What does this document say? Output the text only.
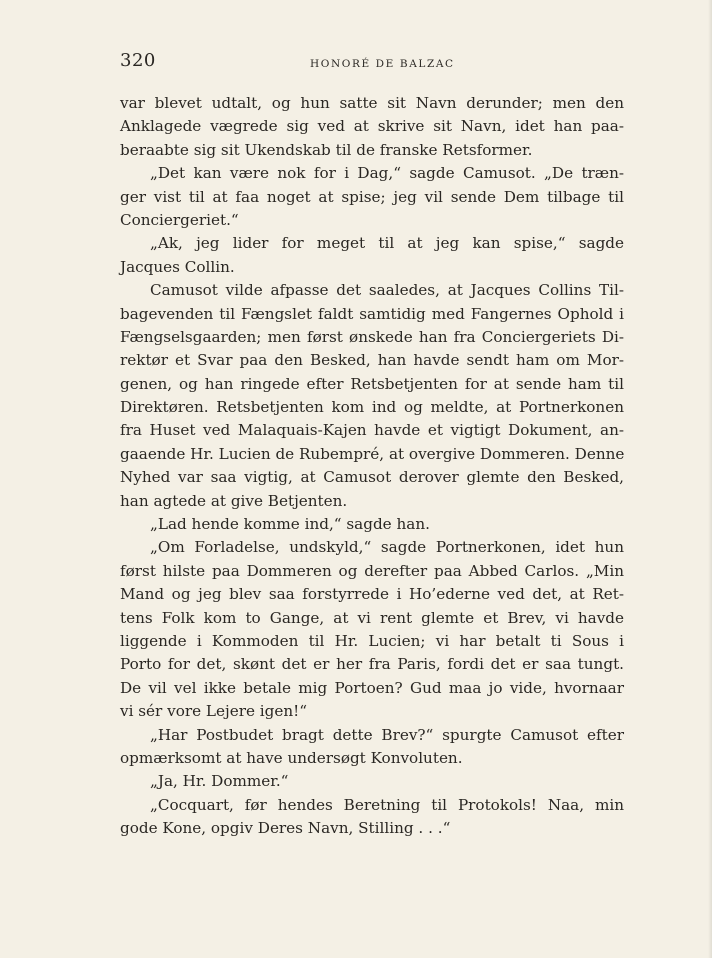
320	HONORÉ DE BALZAC
var blevet udtalt, og hun satte sit Navn derunder; men den
Anklagede vægrede sig ved at skrive sit Navn, idet han paa-
beraabte sig sit Ukendskab til de franske Retsformer.
„Det kan være nok for i Dag,“ sagde Camusot. „De træn-
ger vist til at faa noget at spise; jeg vil sende Dem tilbage til
Conciergeriet.“
„Ak, jeg lider for meget til at jeg kan spise,“ sagde
Jacques Collin.
Camusot vilde afpasse det saaledes, at Jacques Collins Til-
bagevenden til Fængslet faldt samtidig med Fangernes Ophold i
Fængselsgaarden; men først ønskede han fra Conciergeriets Di-
rektør et Svar paa den Besked, han havde sendt ham om Mor-
genen, og han ringede efter Retsbetjenten for at sende ham til
Direktøren. Retsbetjenten kom ind og meldte, at Portnerkonen
fra Huset ved Malaquais-Kajen havde et vigtigt Dokument, an-
gaaende Hr. Lucien de Rubempré, at overgive Dommeren. Denne
Nyhed var saa vigtig, at Camusot derover glemte den Besked,
han agtede at give Betjenten.
„Lad hende komme ind,“ sagde han.
„Om Forladelse, undskyld,“ sagde Portnerkonen, idet hun
først hilste paa Dommeren og derefter paa Abbed Carlos. „Min
Mand og jeg blev saa forstyrrede i Ho’ederne ved det, at Ret-
tens Folk kom to Gange, at vi rent glemte et Brev, vi havde
liggende i Kommoden til Hr. Lucien; vi har betalt ti Sous i
Porto for det, skønt det er her fra Paris, fordi det er saa tungt.
De vil vel ikke betale mig Portoen? Gud maa jo vide, hvornaar
vi sér vore Lejere igen!“
„Har Postbudet bragt dette Brev?“ spurgte Camusot efter
opmærksomt at have undersøgt Konvoluten.
„Ja, Hr. Dommer.“
„Cocquart, før hendes Beretning til Protokols! Naa, min
gode Kone, opgiv Deres Navn, Stilling . . .“
